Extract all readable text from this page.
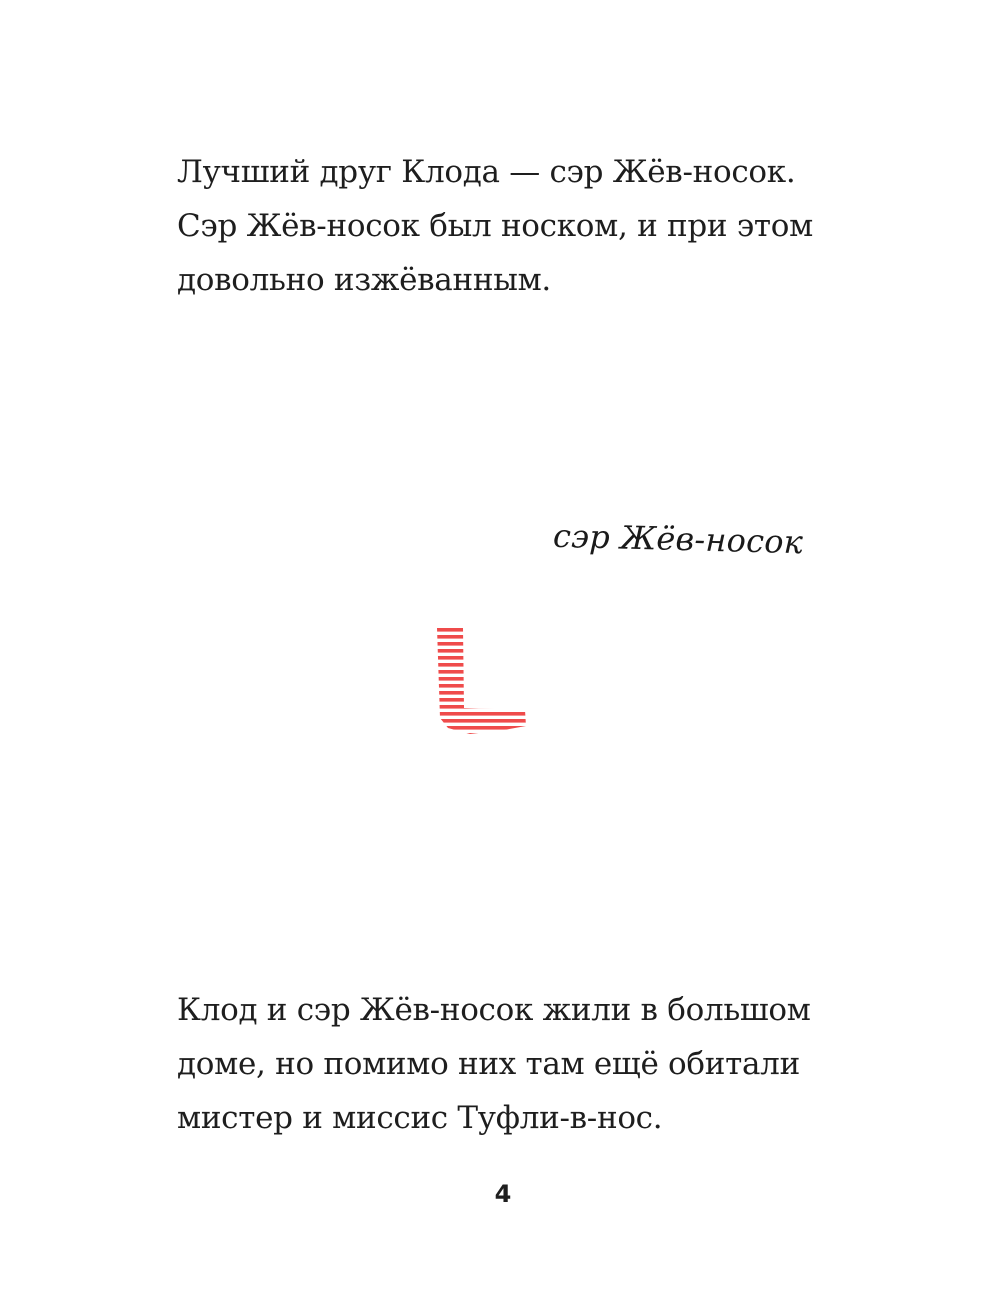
Лучший друг Клода — сэр Жёв-носок.
Сэр Жёв-носок был носком, и при этом
довольно изжёванным.

сэр Жёв-носок

Клод и сэр Жёв-носок жили в большом
доме, но помимо них там ещё обитали
мистер и миссис Туфли-в-нос.

4
